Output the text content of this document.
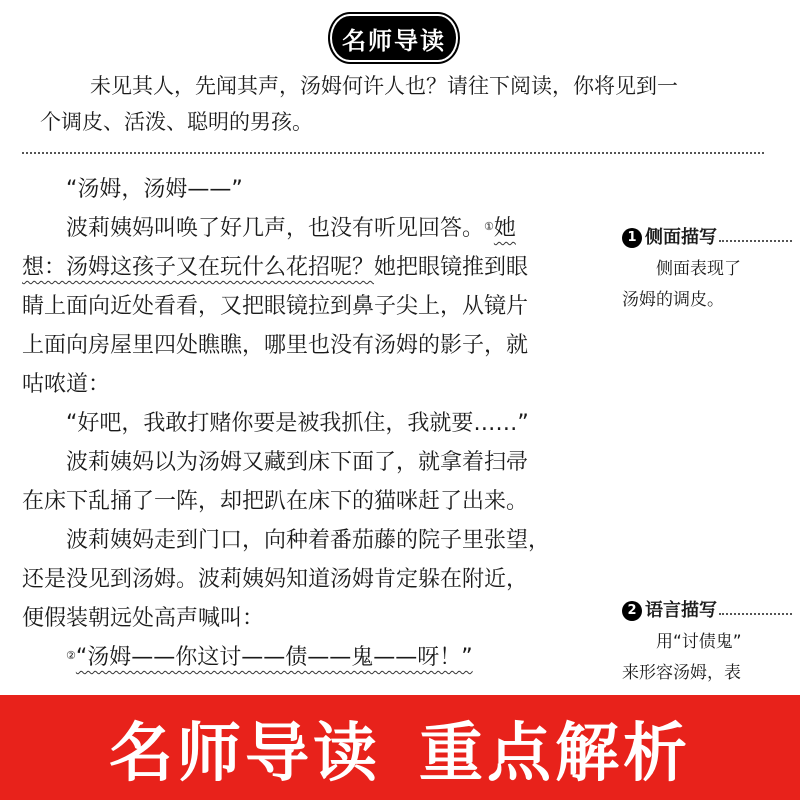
名师导读

未见其人，先闻其声，汤姆何许人也？请往下阅读，你将见到一

个调皮、活泼、聪明的男孩。

“汤姆，汤姆——”

波莉姨妈叫唤了好几声，也没有听见回答。①她

想：汤姆这孩子又在玩什么花招呢？她把眼镜推到眼

睛上面向近处看看，又把眼镜拉到鼻子尖上，从镜片

上面向房屋里四处瞧瞧，哪里也没有汤姆的影子，就

咕哝道：

“好吧，我敢打赌你要是被我抓住，我就要……”

波莉姨妈以为汤姆又藏到床下面了，就拿着扫帚

在床下乱捅了一阵，却把趴在床下的猫咪赶了出来。

波莉姨妈走到门口，向种着番茄藤的院子里张望，

还是没见到汤姆。波莉姨妈知道汤姆肯定躲在附近，

便假装朝远处高声喊叫：

②“汤姆——你这讨——债——鬼——呀！”

1 侧面描写
侧面表现了
汤姆的调皮。
2 语言描写
用“讨债鬼”
来形容汤姆，表
名师导读 重点解析
